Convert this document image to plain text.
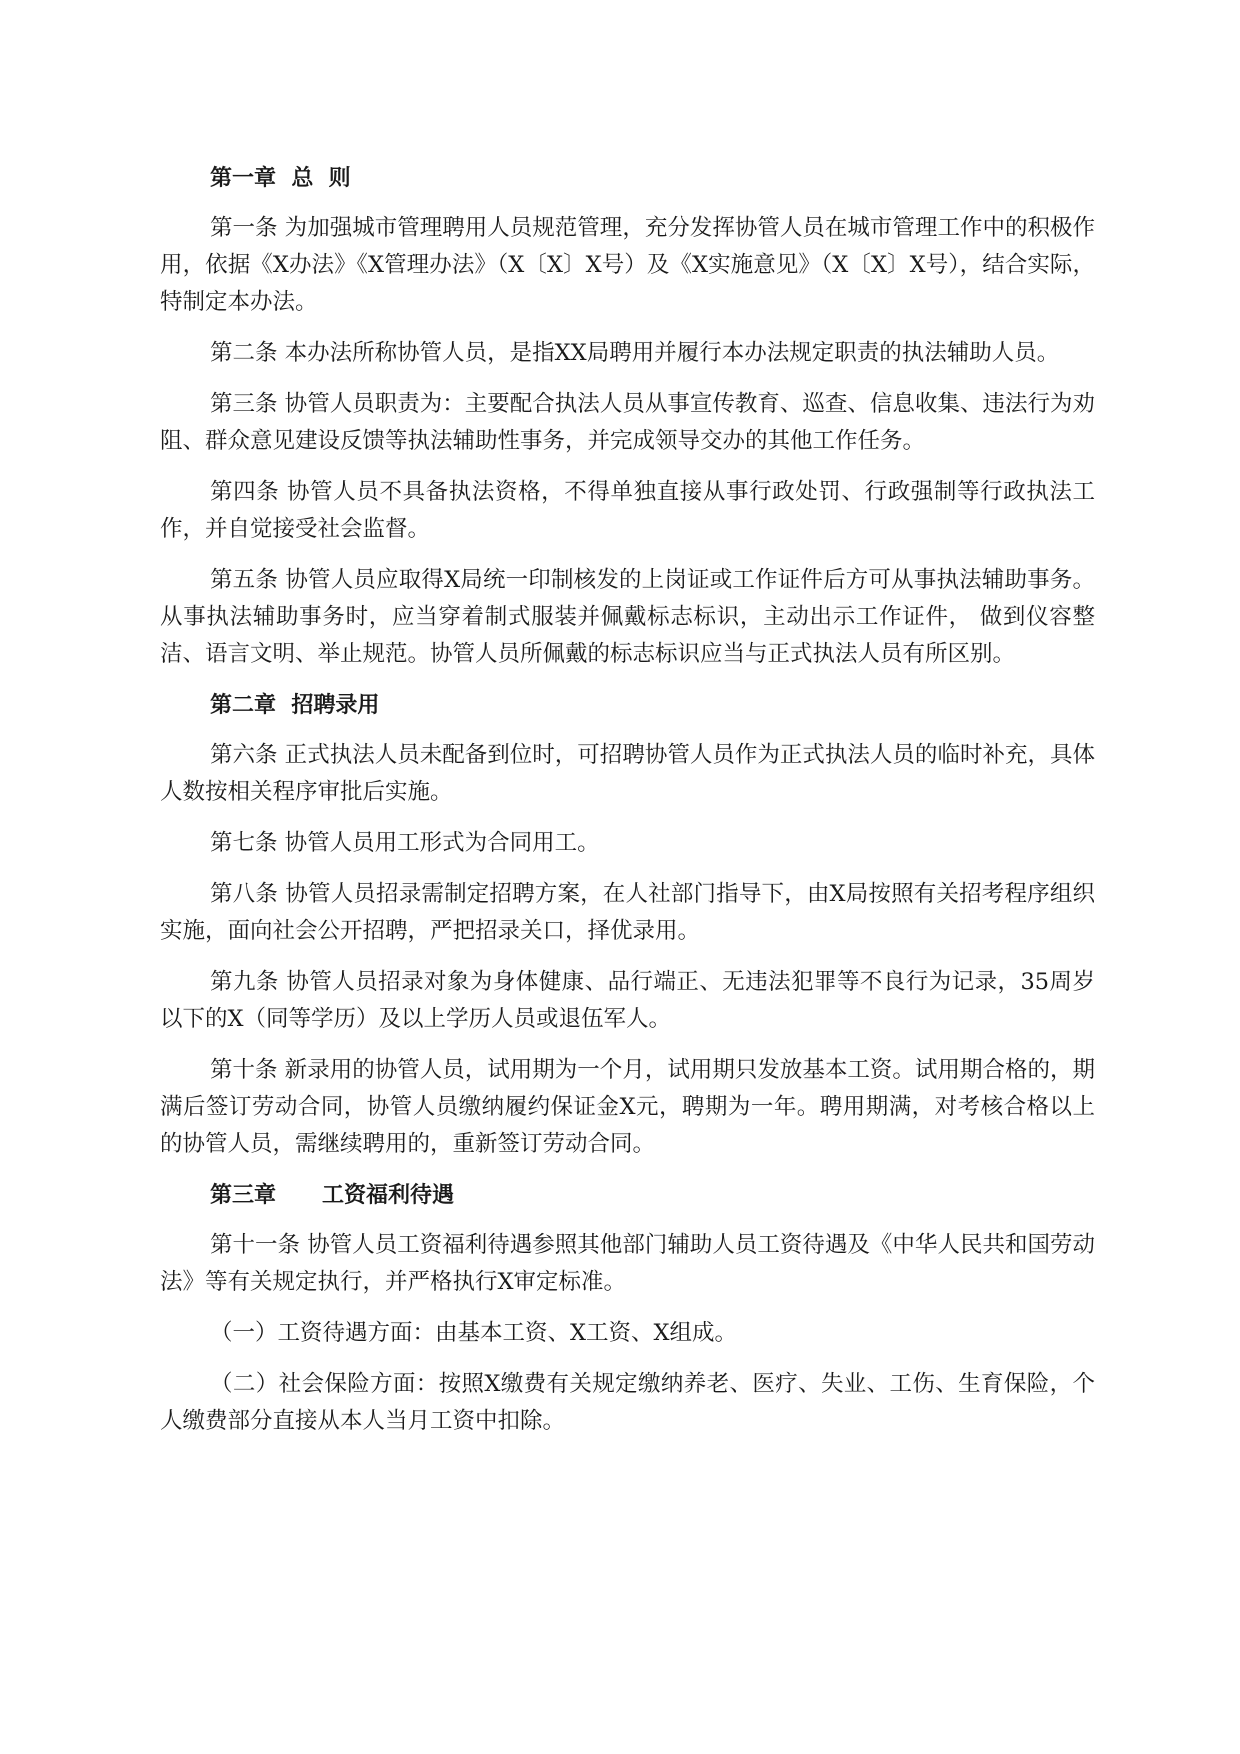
第一章  总  则

第一条 为加强城市管理聘用人员规范管理，充分发挥协管人员在城市管理工作中的积极作用，依据《X办法》《X管理办法》（X〔X〕X号）及《X实施意见》（X〔X〕X号），结合实际，特制定本办法。

第二条 本办法所称协管人员，是指XX局聘用并履行本办法规定职责的执法辅助人员。

第三条 协管人员职责为：主要配合执法人员从事宣传教育、巡查、信息收集、违法行为劝阻、群众意见建设反馈等执法辅助性事务，并完成领导交办的其他工作任务。

第四条 协管人员不具备执法资格，不得单独直接从事行政处罚、行政强制等行政执法工作，并自觉接受社会监督。

第五条 协管人员应取得X局统一印制核发的上岗证或工作证件后方可从事执法辅助事务。从事执法辅助事务时，应当穿着制式服装并佩戴标志标识，主动出示工作证件， 做到仪容整洁、语言文明、举止规范。协管人员所佩戴的标志标识应当与正式执法人员有所区别。

第二章  招聘录用

第六条 正式执法人员未配备到位时，可招聘协管人员作为正式执法人员的临时补充，具体人数按相关程序审批后实施。

第七条 协管人员用工形式为合同用工。

第八条 协管人员招录需制定招聘方案，在人社部门指导下，由X局按照有关招考程序组织实施，面向社会公开招聘，严把招录关口，择优录用。

第九条 协管人员招录对象为身体健康、品行端正、无违法犯罪等不良行为记录，35周岁以下的X（同等学历）及以上学历人员或退伍军人。

第十条 新录用的协管人员，试用期为一个月，试用期只发放基本工资。试用期合格的，期满后签订劳动合同，协管人员缴纳履约保证金X元，聘期为一年。聘用期满，对考核合格以上的协管人员，需继续聘用的，重新签订劳动合同。

第三章      工资福利待遇

第十一条 协管人员工资福利待遇参照其他部门辅助人员工资待遇及《中华人民共和国劳动法》等有关规定执行，并严格执行X审定标准。

（一）工资待遇方面：由基本工资、X工资、X组成。

（二）社会保险方面：按照X缴费有关规定缴纳养老、医疗、失业、工伤、生育保险，个人缴费部分直接从本人当月工资中扣除。
